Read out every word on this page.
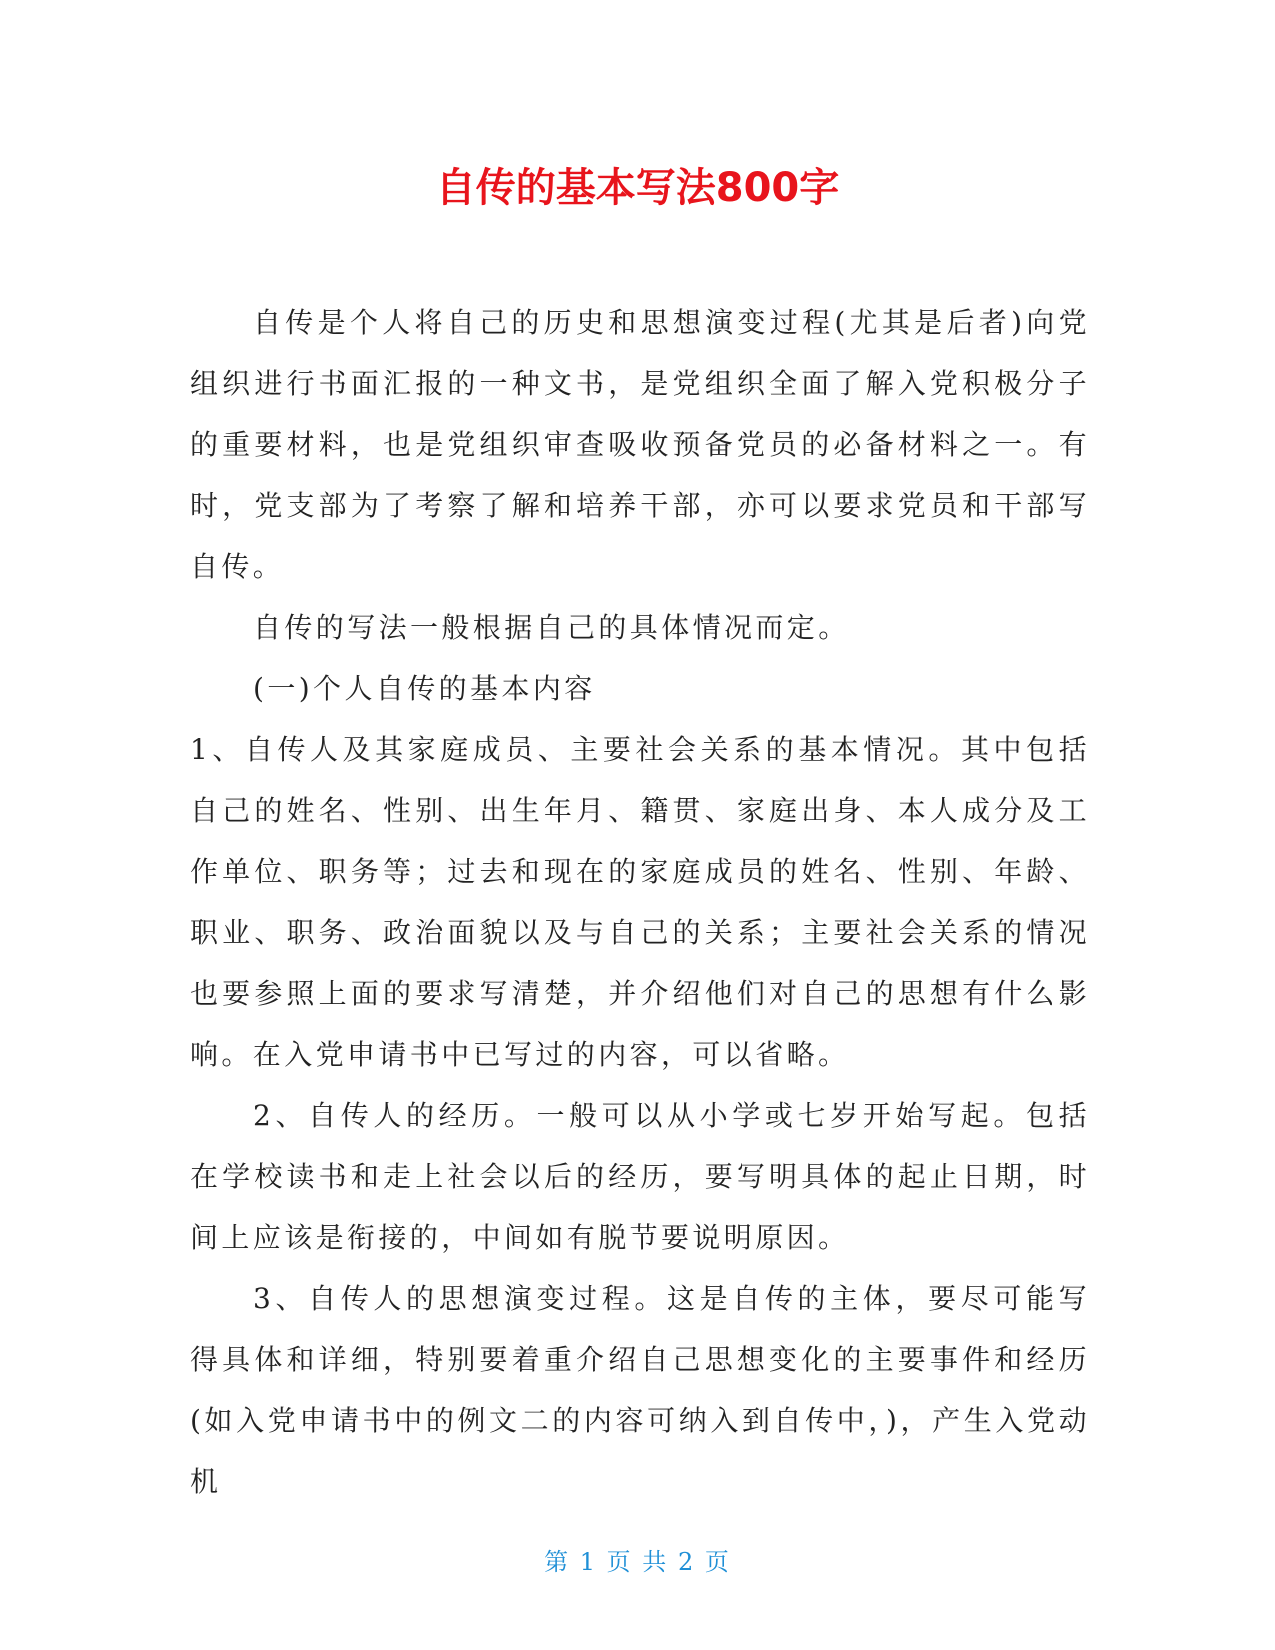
自传的基本写法800字

自传是个人将自己的历史和思想演变过程(尤其是后者)向党组织进行书面汇报的一种文书，是党组织全面了解入党积极分子的重要材料，也是党组织审查吸收预备党员的必备材料之一。有时，党支部为了考察了解和培养干部，亦可以要求党员和干部写自传。

自传的写法一般根据自己的具体情况而定。

(一)个人自传的基本内容

1、自传人及其家庭成员、主要社会关系的基本情况。其中包括自己的姓名、性别、出生年月、籍贯、家庭出身、本人成分及工作单位、职务等；过去和现在的家庭成员的姓名、性别、年龄、职业、职务、政治面貌以及与自己的关系；主要社会关系的情况也要参照上面的要求写清楚，并介绍他们对自己的思想有什么影响。在入党申请书中已写过的内容，可以省略。

2、自传人的经历。一般可以从小学或七岁开始写起。包括在学校读书和走上社会以后的经历，要写明具体的起止日期，时间上应该是衔接的，中间如有脱节要说明原因。

3、自传人的思想演变过程。这是自传的主体，要尽可能写得具体和详细，特别要着重介绍自己思想变化的主要事件和经历(如入党申请书中的例文二的内容可纳入到自传中，)，产生入党动机

第 1 页 共 2 页
